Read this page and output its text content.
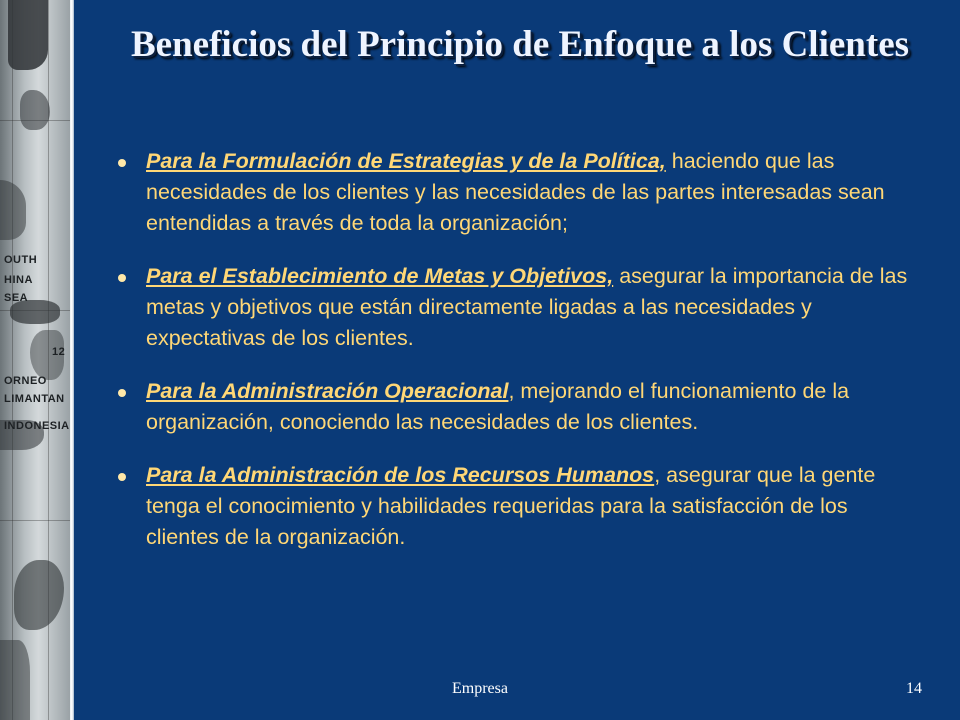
OUTH
HINA
SEA
12
ORNEO
LIMANTAN
INDONESIA
Beneficios del Principio de Enfoque a los Clientes
Para la Formulación de Estrategias y de la Política, haciendo que las necesidades de los clientes y las necesidades de las partes interesadas sean entendidas a través de toda la organización;
Para el Establecimiento de Metas y Objetivos, asegurar la importancia de las metas y objetivos que están directamente ligadas a las necesidades y expectativas de los clientes.
Para la Administración Operacional, mejorando el funcionamiento de la organización, conociendo las necesidades de los clientes.
Para la Administración de los Recursos Humanos, asegurar que la gente tenga el conocimiento y habilidades requeridas para la satisfacción de los clientes de la organización.
Empresa	14
